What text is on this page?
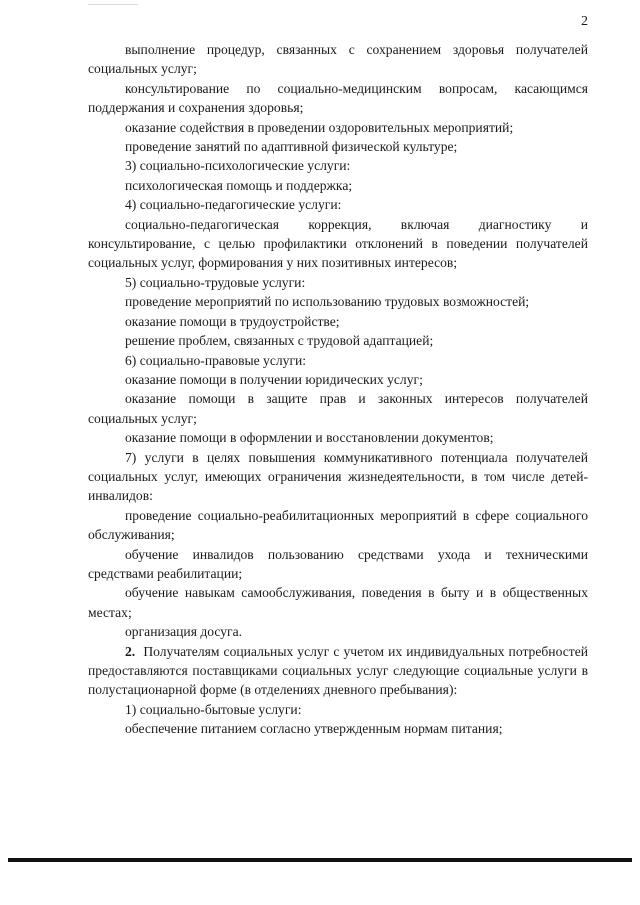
2

выполнение процедур, связанных с сохранением здоровья получателей социальных услуг;

консультирование по социально-медицинским вопросам, касающимся поддержания и сохранения здоровья;

оказание содействия в проведении оздоровительных мероприятий;

проведение занятий по адаптивной физической культуре;

3) социально-психологические услуги:

психологическая помощь и поддержка;

4) социально-педагогические услуги:

социально-педагогическая коррекция, включая диагностику и консультирование, с целью профилактики отклонений в поведении получателей социальных услуг, формирования у них позитивных интересов;

5) социально-трудовые услуги:

проведение мероприятий по использованию трудовых возможностей;

оказание помощи в трудоустройстве;

решение проблем, связанных с трудовой адаптацией;

6) социально-правовые услуги:

оказание помощи в получении юридических услуг;

оказание помощи в защите прав и законных интересов получателей социальных услуг;

оказание помощи в оформлении и восстановлении документов;

7) услуги в целях повышения коммуникативного потенциала получателей социальных услуг, имеющих ограничения жизнедеятельности, в том числе детей-инвалидов:

проведение социально-реабилитационных мероприятий в сфере социального обслуживания;

обучение инвалидов пользованию средствами ухода и техническими средствами реабилитации;

обучение навыкам самообслуживания, поведения в быту и в общественных местах;

организация досуга.

2. Получателям социальных услуг с учетом их индивидуальных потребностей предоставляются поставщиками социальных услуг следующие социальные услуги в полустационарной форме (в отделениях дневного пребывания):

1) социально-бытовые услуги:

обеспечение питанием согласно утвержденным нормам питания;
